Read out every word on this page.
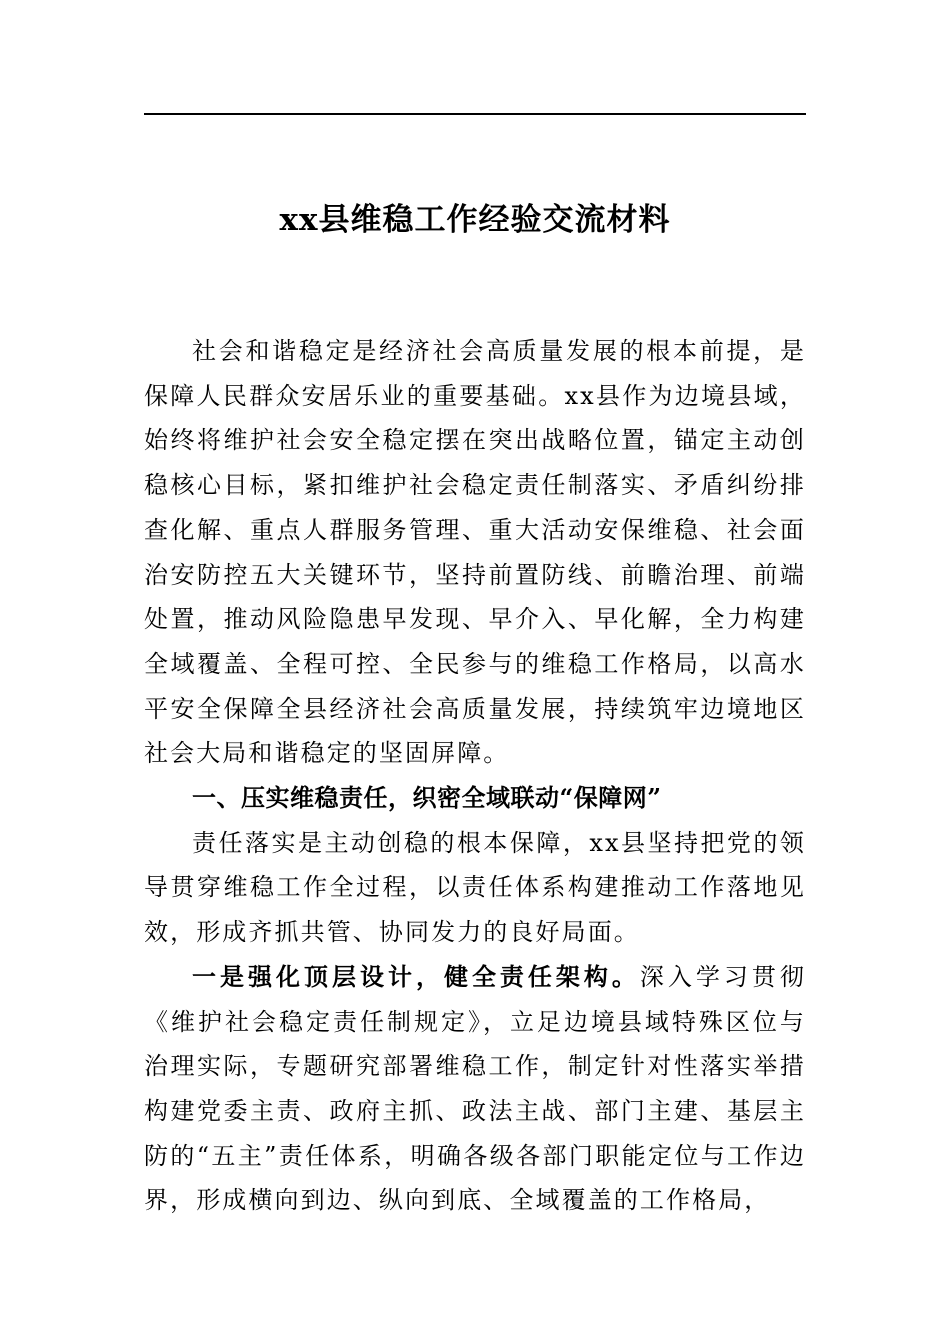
xx县维稳工作经验交流材料

社会和谐稳定是经济社会高质量发展的根本前提，是保障人民群众安居乐业的重要基础。xx县作为边境县域，始终将维护社会安全稳定摆在突出战略位置，锚定主动创稳核心目标，紧扣维护社会稳定责任制落实、矛盾纠纷排查化解、重点人群服务管理、重大活动安保维稳、社会面治安防控五大关键环节，坚持前置防线、前瞻治理、前端处置，推动风险隐患早发现、早介入、早化解，全力构建全域覆盖、全程可控、全民参与的维稳工作格局，以高水平安全保障全县经济社会高质量发展，持续筑牢边境地区社会大局和谐稳定的坚固屏障。

一、压实维稳责任，织密全域联动“保障网”

责任落实是主动创稳的根本保障，xx县坚持把党的领导贯穿维稳工作全过程，以责任体系构建推动工作落地见效，形成齐抓共管、协同发力的良好局面。

一是强化顶层设计，健全责任架构。深入学习贯彻《维护社会稳定责任制规定》，立足边境县域特殊区位与治理实际，专题研究部署维稳工作，制定针对性落实举措构建党委主责、政府主抓、政法主战、部门主建、基层主防的“五主”责任体系，明确各级各部门职能定位与工作边界，形成横向到边、纵向到底、全域覆盖的工作格局，
